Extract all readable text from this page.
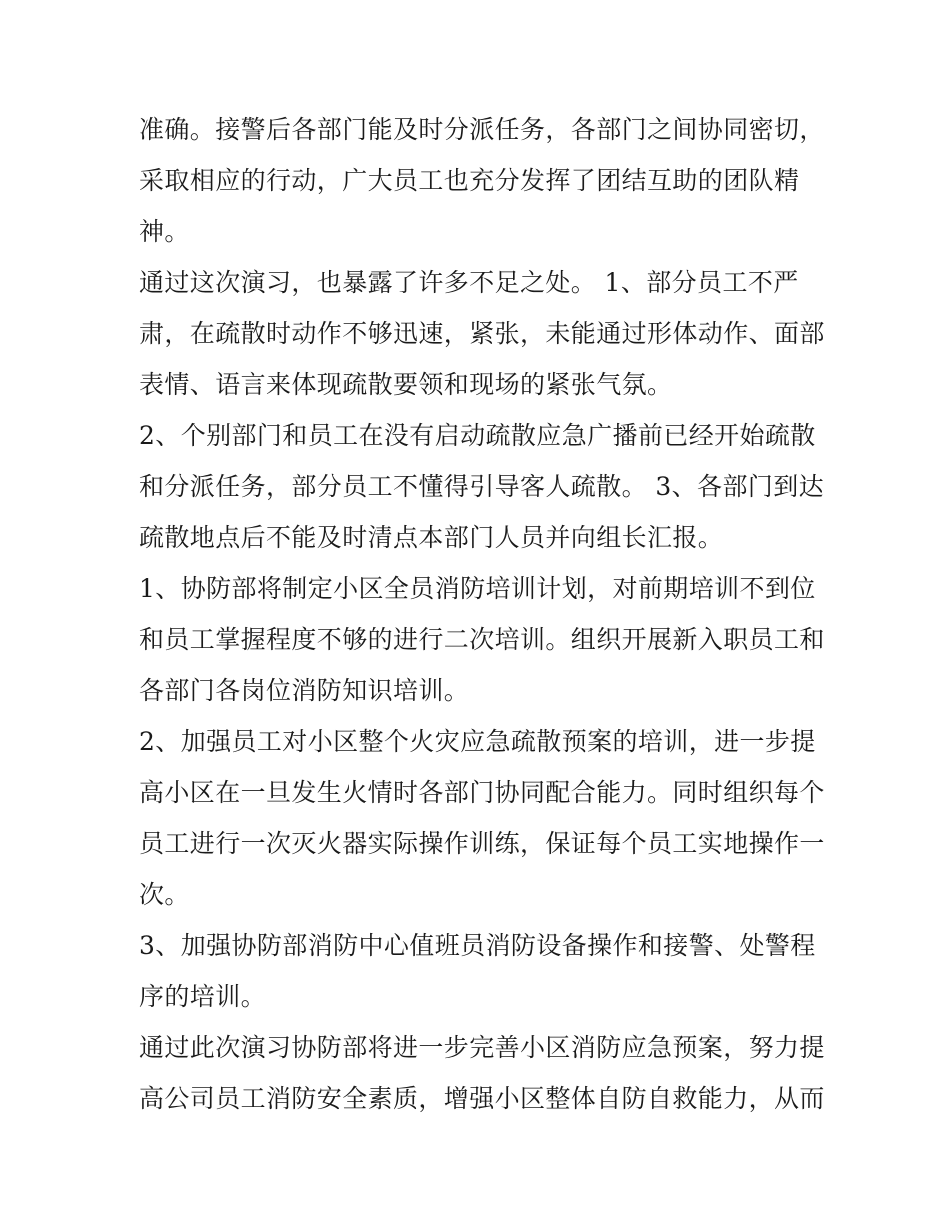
准确。接警后各部门能及时分派任务，各部门之间协同密切，
采取相应的行动，广大员工也充分发挥了团结互助的团队精
神。
通过这次演习，也暴露了许多不足之处。 1、部分员工不严
肃，在疏散时动作不够迅速，紧张，未能通过形体动作、面部
表情、语言来体现疏散要领和现场的紧张气氛。
2、个别部门和员工在没有启动疏散应急广播前已经开始疏散
和分派任务，部分员工不懂得引导客人疏散。 3、各部门到达
疏散地点后不能及时清点本部门人员并向组长汇报。
1、协防部将制定小区全员消防培训计划，对前期培训不到位
和员工掌握程度不够的进行二次培训。组织开展新入职员工和
各部门各岗位消防知识培训。
2、加强员工对小区整个火灾应急疏散预案的培训，进一步提
高小区在一旦发生火情时各部门协同配合能力。同时组织每个
员工进行一次灭火器实际操作训练，保证每个员工实地操作一
次。
3、加强协防部消防中心值班员消防设备操作和接警、处警程
序的培训。
通过此次演习协防部将进一步完善小区消防应急预案，努力提
高公司员工消防安全素质，增强小区整体自防自救能力，从而
